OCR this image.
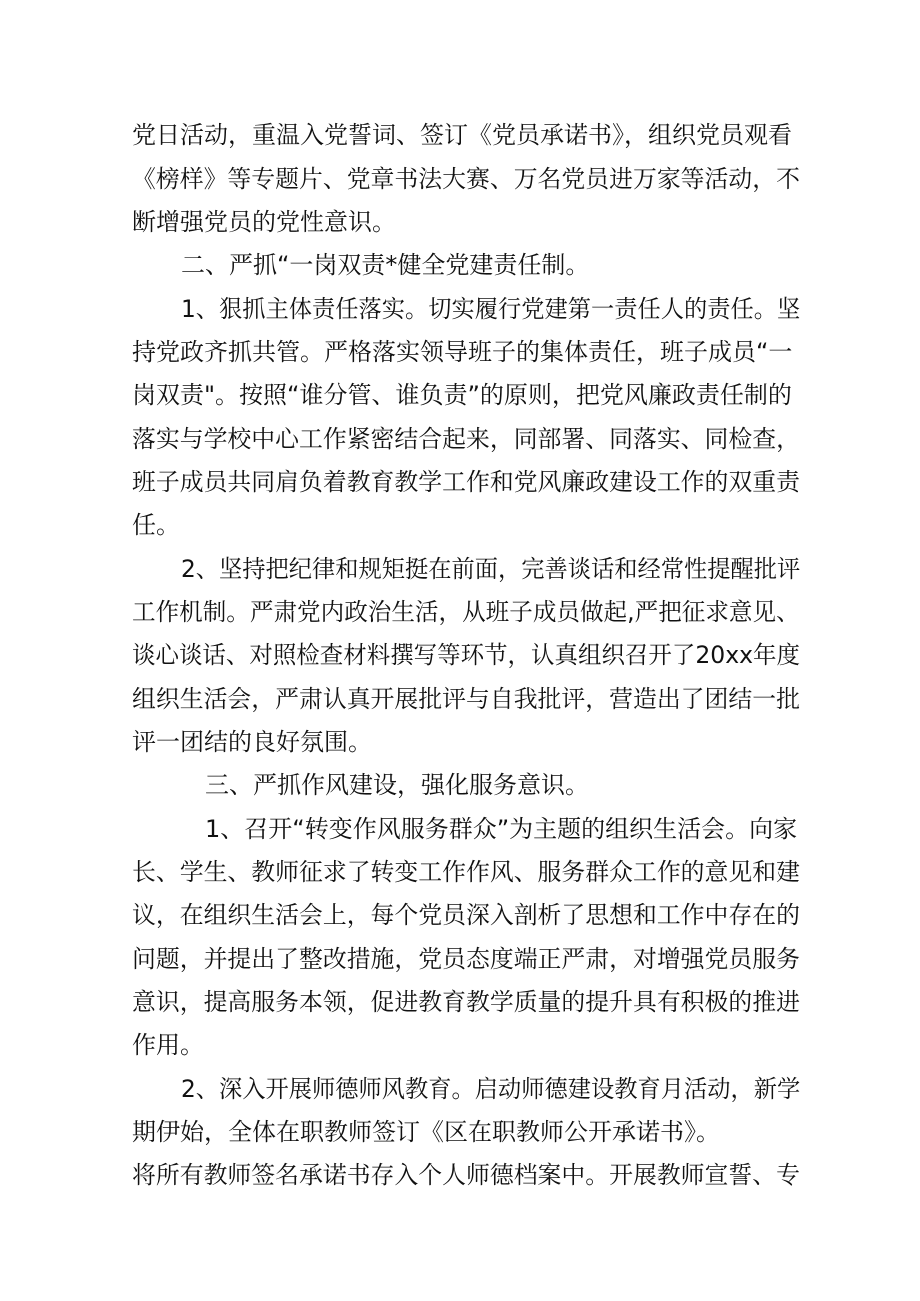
党日活动，重温入党誓词、签订《党员承诺书》，组织党员观看
《榜样》等专题片、党章书法大赛、万名党员进万家等活动，不
断增强党员的党性意识。
二、严抓“一岗双责*健全党建责任制。
1、狠抓主体责任落实。切实履行党建第一责任人的责任。坚
持党政齐抓共管。严格落实领导班子的集体责任，班子成员“一
岗双责"。按照“谁分管、谁负责”的原则，把党风廉政责任制的
落实与学校中心工作紧密结合起来，同部署、同落实、同检查，
班子成员共同肩负着教育教学工作和党风廉政建设工作的双重责
任。
2、坚持把纪律和规矩挺在前面，完善谈话和经常性提醒批评
工作机制。严肃党内政治生活，从班子成员做起,严把征求意见、
谈心谈话、对照检查材料撰写等环节，认真组织召开了20xx年度
组织生活会，严肃认真开展批评与自我批评，营造出了团结一批
评一团结的良好氛围。
三、严抓作风建设，强化服务意识。
1、召开“转变作风服务群众”为主题的组织生活会。向家
长、学生、教师征求了转变工作作风、服务群众工作的意见和建
议，在组织生活会上，每个党员深入剖析了思想和工作中存在的
问题，并提出了整改措施，党员态度端正严肃，对增强党员服务
意识，提高服务本领，促进教育教学质量的提升具有积极的推进
作用。
2、深入开展师德师风教育。启动师德建设教育月活动，新学
期伊始，全体在职教师签订《区在职教师公开承诺书》。
将所有教师签名承诺书存入个人师德档案中。开展教师宣誓、专
